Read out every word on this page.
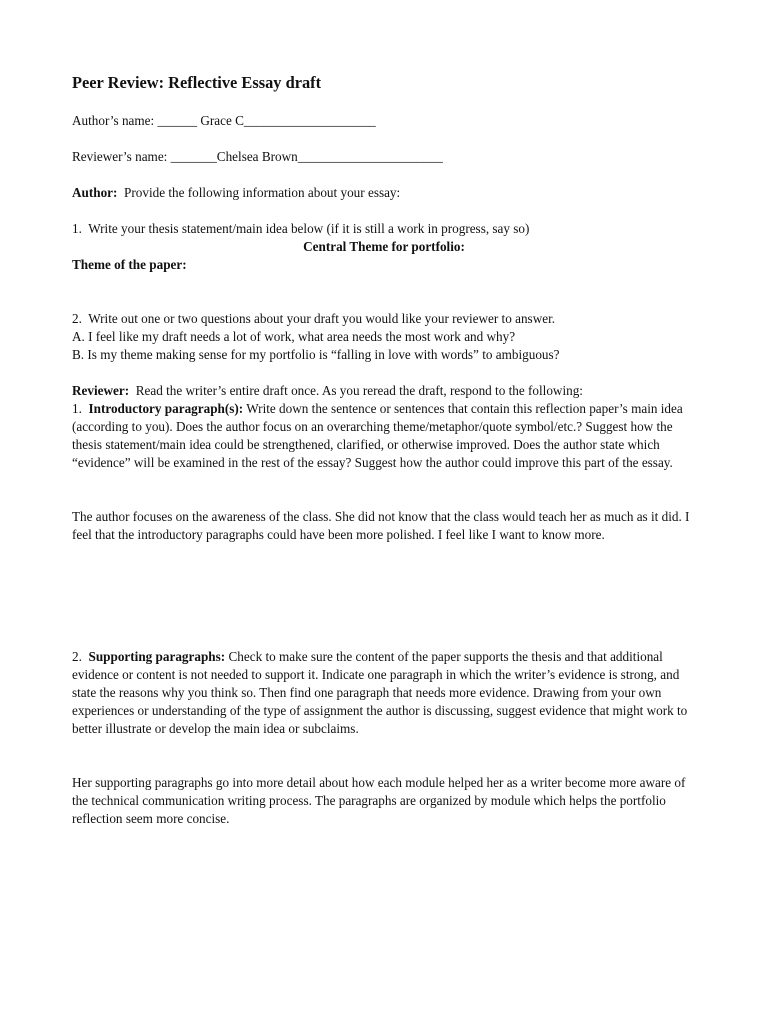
Peer Review: Reflective Essay draft

Author’s name: ______ Grace C____________________

Reviewer’s name: _______Chelsea Brown______________________

Author:  Provide the following information about your essay:

1.  Write your thesis statement/main idea below (if it is still a work in progress, say so)

Central Theme for portfolio:

Theme of the paper:

2.  Write out one or two questions about your draft you would like your reviewer to answer.

A. I feel like my draft needs a lot of work, what area needs the most work and why?

B. Is my theme making sense for my portfolio is “falling in love with words” to ambiguous?

Reviewer:  Read the writer’s entire draft once. As you reread the draft, respond to the following:

1.  Introductory paragraph(s): Write down the sentence or sentences that contain this reflection paper’s main idea (according to you). Does the author focus on an overarching theme/metaphor/quote symbol/etc.? Suggest how the thesis statement/main idea could be strengthened, clarified, or otherwise improved. Does the author state which “evidence” will be examined in the rest of the essay? Suggest how the author could improve this part of the essay.

The author focuses on the awareness of the class. She did not know that the class would teach her as much as it did. I feel that the introductory paragraphs could have been more polished. I feel like I want to know more.

2.  Supporting paragraphs: Check to make sure the content of the paper supports the thesis and that additional evidence or content is not needed to support it. Indicate one paragraph in which the writer’s evidence is strong, and state the reasons why you think so. Then find one paragraph that needs more evidence. Drawing from your own experiences or understanding of the type of assignment the author is discussing, suggest evidence that might work to better illustrate or develop the main idea or subclaims.

Her supporting paragraphs go into more detail about how each module helped her as a writer become more aware of the technical communication writing process. The paragraphs are organized by module which helps the portfolio reflection seem more concise.
